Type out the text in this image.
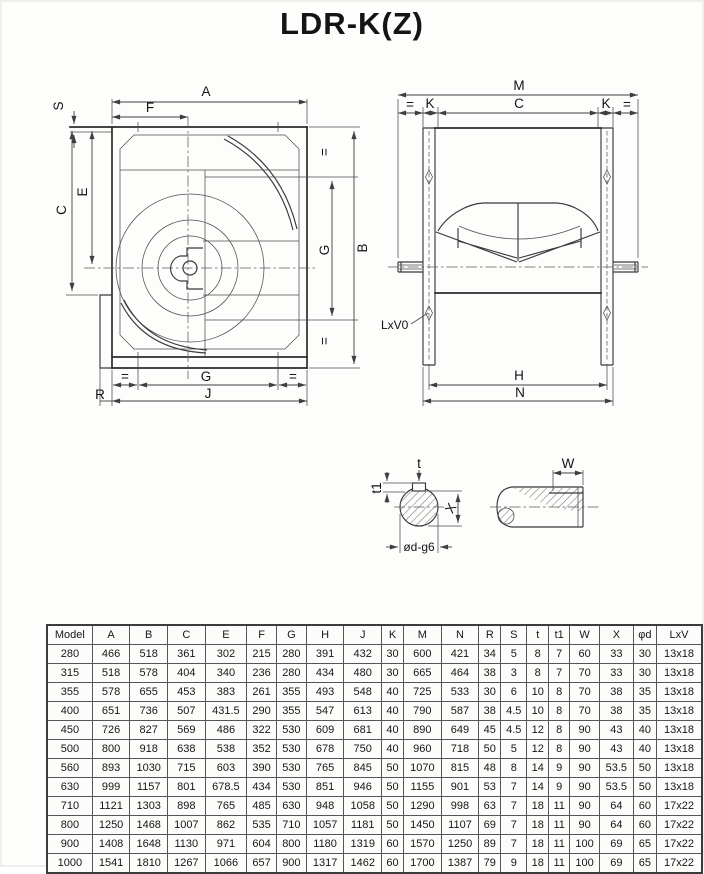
LDR-K(Z)
A
F
S
C
E
B
G
=
=
=	G	=
J
R
M
= K	C	K =
LxV0
H
N
t
t1
X
ød-g6
W
Model	A	B	C	E	F	G	H	J	K	M	N	R	S	t	t1	W	X	φd	LxV
280	466	518	361	302	215	280	391	432	30	600	421	34	5	8	7	60	33	30	13x18
315	518	578	404	340	236	280	434	480	30	665	464	38	3	8	7	70	33	30	13x18
355	578	655	453	383	261	355	493	548	40	725	533	30	6	10	8	70	38	35	13x18
400	651	736	507	431.5	290	355	547	613	40	790	587	38	4.5	10	8	70	38	35	13x18
450	726	827	569	486	322	530	609	681	40	890	649	45	4.5	12	8	90	43	40	13x18
500	800	918	638	538	352	530	678	750	40	960	718	50	5	12	8	90	43	40	13x18
560	893	1030	715	603	390	530	765	845	50	1070	815	48	8	14	9	90	53.5	50	13x18
630	999	1157	801	678.5	434	530	851	946	50	1155	901	53	7	14	9	90	53.5	50	13x18
710	1121	1303	898	765	485	630	948	1058	50	1290	998	63	7	18	11	90	64	60	17x22
800	1250	1468	1007	862	535	710	1057	1181	50	1450	1107	69	7	18	11	90	64	60	17x22
900	1408	1648	1130	971	604	800	1180	1319	60	1570	1250	89	7	18	11	100	69	65	17x22
1000	1541	1810	1267	1066	657	900	1317	1462	60	1700	1387	79	9	18	11	100	69	65	17x22
